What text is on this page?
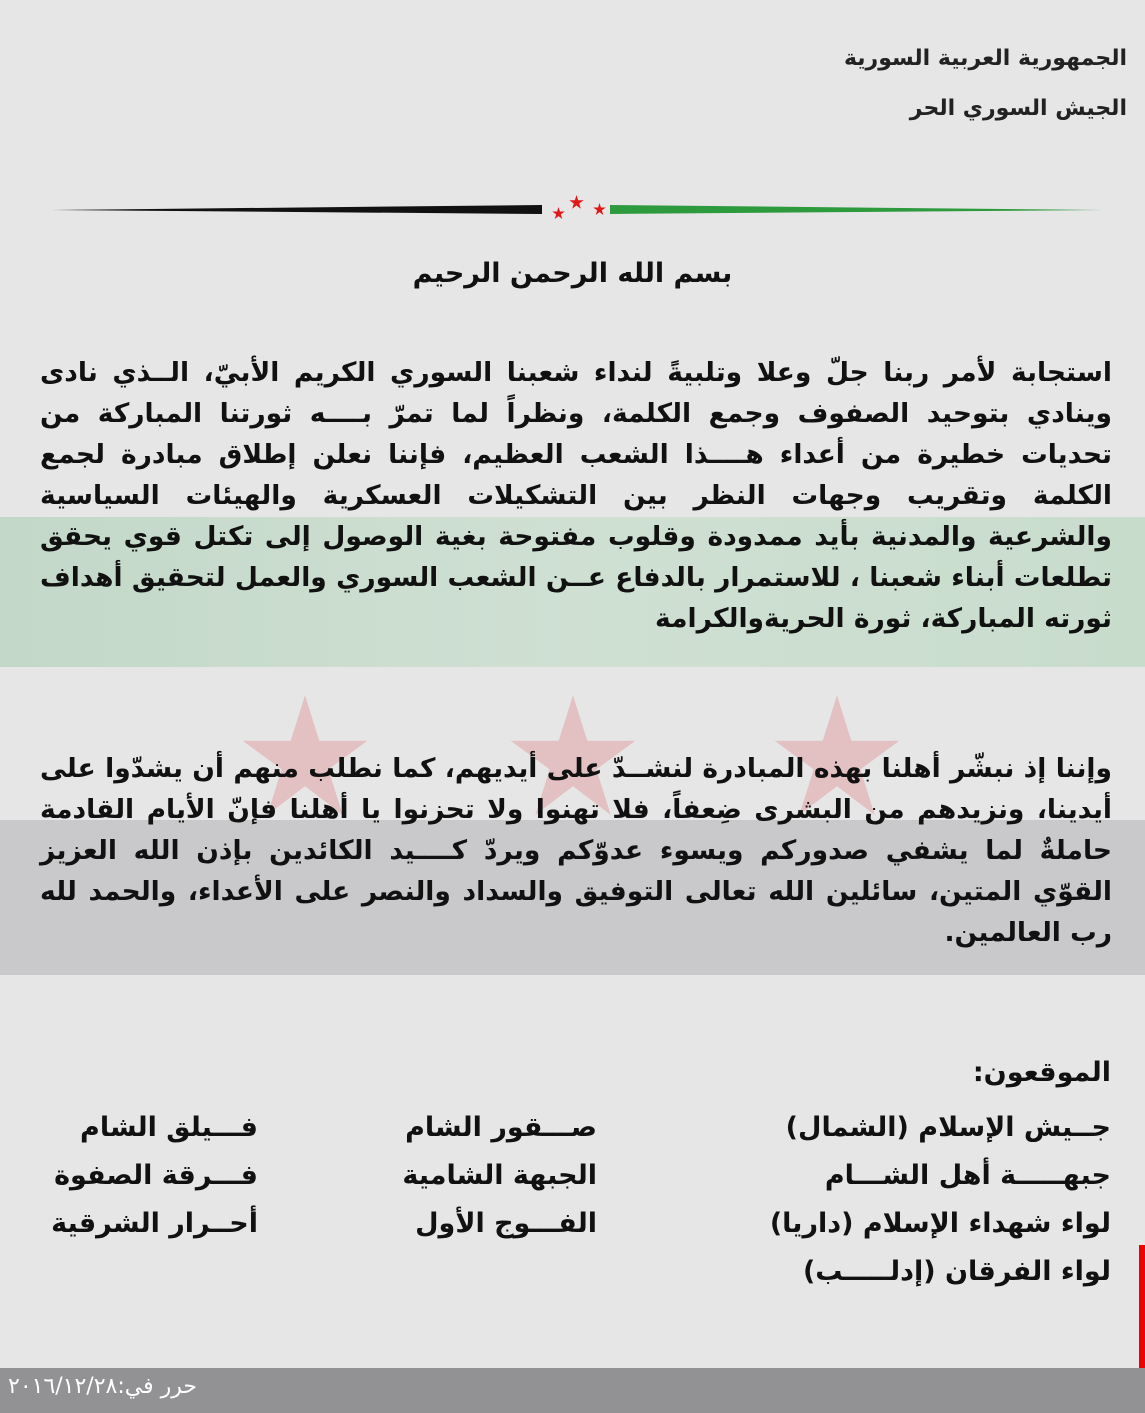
الجمهورية العربية السورية
الجيش السوري الحر
بسم الله الرحمن الرحيم
استجابة لأمر ربنا جلّ وعلا وتلبيةً لنداء شعبنا السوري الكريم الأبيّ، الــذي نادى وينادي بتوحيد الصفوف وجمع الكلمة، ونظراً لما تمرّ بــــه ثورتنا المباركة من تحديات خطيرة من أعداء هــــذا الشعب العظيم، فإننا نعلن إطلاق مبادرة لجمع الكلمة وتقريب وجهات النظر بين التشكيلات العسكرية والهيئات السياسية والشرعية والمدنية بأيد ممدودة وقلوب مفتوحة بغية الوصول إلى تكتل قوي يحقق تطلعات أبناء شعبنا ، للاستمرار بالدفاع عــن الشعب السوري والعمل لتحقيق أهداف ثورته المباركة، ثورة الحريةوالكرامة
وإننا إذ نبشّر أهلنا بهذه المبادرة لنشــدّ على أيديهم، كما نطلب منهم أن يشدّوا على أيدينا، ونزيدهم من البشرى ضِعفاً، فلا تهنوا ولا تحزنوا يا أهلنا فإنّ الأيام القادمة حاملةٌ لما يشفي صدوركم ويسوء عدوّكم ويردّ كــــيد الكائدين بإذن الله العزيز القوّي المتين، سائلين الله تعالى التوفيق والسداد والنصر على الأعداء، والحمد لله رب العالمين.
الموقعون:
جــيش الإسلام (الشمال)
جبهـــــة أهل الشـــام
لواء شهداء الإسلام (داريا)
لواء الفرقان (إدلـــــب)
صـــقور الشام
الجبهة الشامية
الفـــوج الأول
فـــيلق الشام
فـــرقة الصفوة
أحــرار الشرقية
حرر في:٢٠١٦/١٢/٢٨
